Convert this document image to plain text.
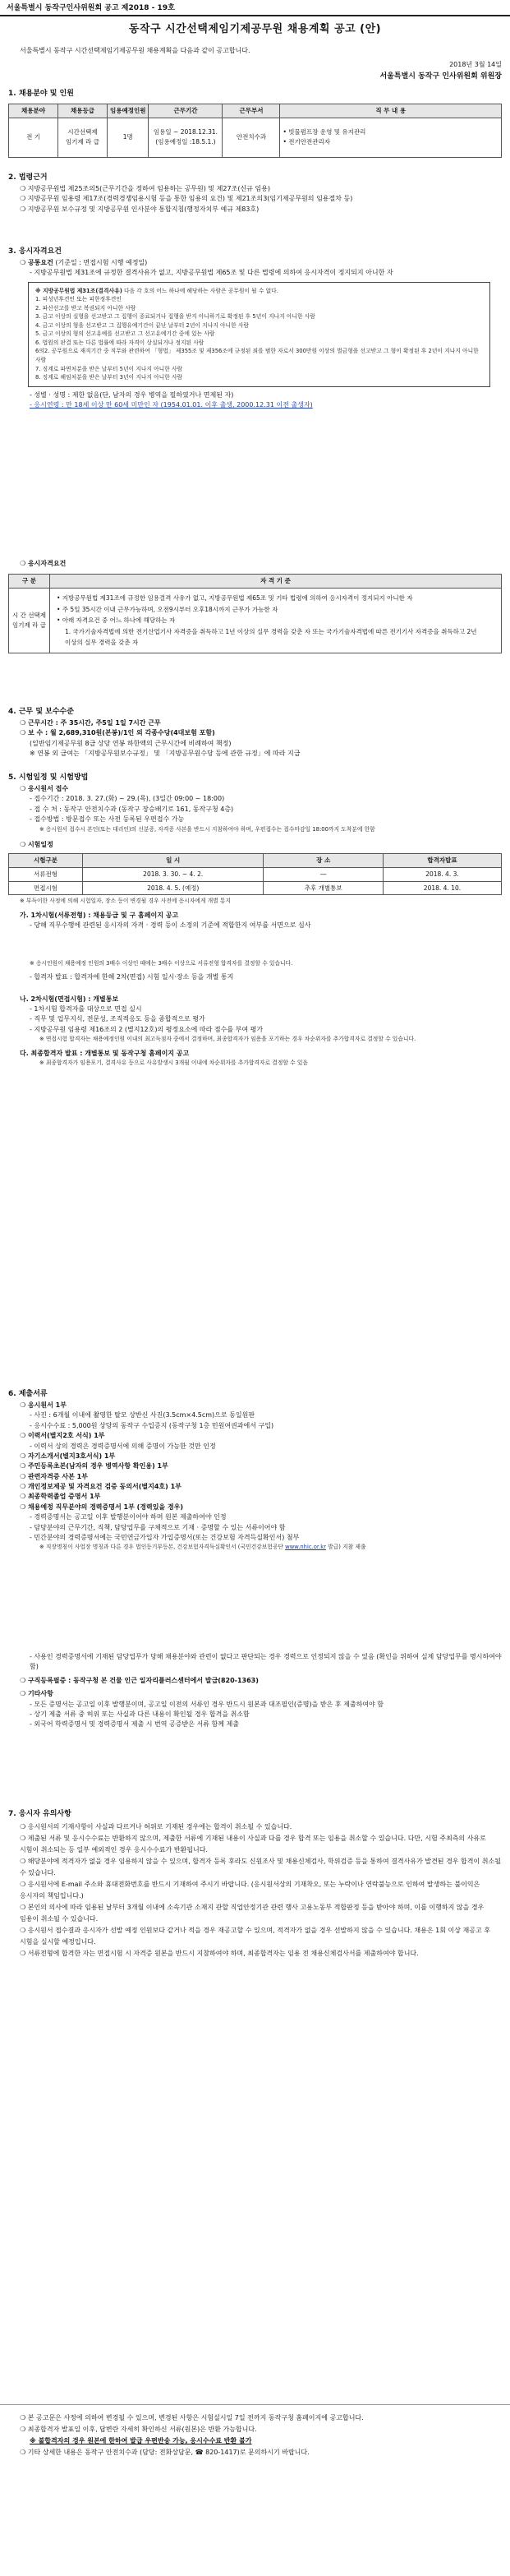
서울특별시 동작구인사위원회 공고 제2018 - 19호
동작구 시간선택제임기제공무원 채용계획 공고 (안)

서울특별시 동작구 시간선택제임기제공무원 채용계획을 다음과 같이 공고합니다.

2018년 3월 14일

서울특별시 동작구 인사위원회 위원장

1. 채용분야 및 인원
채용분야	채용등급	임용예정인원	근무기간	근무부서	직 무 내 용
전 기	시간선택제 임기제 라 급	1명	임용일 ~ 2018.12.31. (임용예정일 :18.5.1.)	안전치수과	• 빗물펌프장 운영 및 유지관리
• 전기안전관리자
2. 법령근거

❍ 지방공무원법 제25조의5(근무기간을 정하여 임용하는 공무원) 및 제27조(신규 임용)

❍ 지방공무원 임용령 제17조(경력경쟁임용시험 등을 통한 임용의 요건) 및 제21조의3(임기제공무원의 임용절차 등)

❍ 지방공무원 보수규정 및 지방공무원 인사분야 통합지침(행정자치부 예규 제83호)

3. 응시자격요건

❍ 공통요건 (기준일 : 면접시험 시행 예정일)

- 지방공무원법 제31조에 규정한 결격사유가 없고, 지방공무원법 제65조 및 다른 법령에 의하여 응시자격이 정지되지 아니한 자

※ 지방공무원법 제31조(결격사유) 다음 각 호의 어느 하나에 해당하는 사람은 공무원이 될 수 없다.

1. 피성년후견인 또는 피한정후견인

2. 파산선고를 받고 복권되지 아니한 사람

3. 금고 이상의 실형을 선고받고 그 집행이 종료되거나 집행을 받지 아니하기로 확정된 후 5년이 지나지 아니한 사람

4. 금고 이상의 형을 선고받고 그 집행유예기간이 끝난 날부터 2년이 지나지 아니한 사람

5. 금고 이상의 형의 선고유예를 선고받고 그 선고유예기간 중에 있는 사람

6. 법원의 판결 또는 다른 법률에 따라 자격이 상실되거나 정지된 사람

6의2. 공무원으로 재직기간 중 직무와 관련하여 「형법」 제355조 및 제356조에 규정된 죄를 범한 자로서 300만원 이상의 벌금형을 선고받고 그 형이 확정된 후 2년이 지나지 아니한 사람

7. 징계로 파면처분을 받은 날부터 5년이 지나지 아니한 사람

8. 징계로 해임처분을 받은 날부터 3년이 지나지 아니한 사람

- 성별 · 성명 : 제한 없음(단, 남자의 경우 병역을 필하였거나 면제된 자)

- 응시연령 : 만 18세 이상 만 60세 미만인 자 (1954.01.01. 이후 출생, 2000.12.31 이전 출생자)

❍ 응시자격요건
구 분	자 격 기 준
시 간 선택제 임기제 라 급	• 지방공무원법 제31조에 규정한 임용결격 사유가 없고, 지방공무원법 제65조 및 기타 법령에 의하여 응시자격이 정지되지 아니한 자

• 주 5일 35시간 이내 근무가능하며, 오전9시부터 오후18시까지 근무가 가능한 자

• 아래 자격요건 중 어느 하나에 해당하는 자

1. 국가기술자격법에 의한 전기산업기사 자격증을 취득하고 1년 이상의 실무 경력을 갖춘 자 또는 국가기술자격법에 따른 전기기사 자격증을 취득하고 2년 이상의 실무 경력을 갖춘 자

4. 근무 및 보수수준

❍ 근무시간 : 주 35시간, 주5일 1일 7시간 근무

❍ 보 수 : 월 2,689,310원(본봉)/1인 외 각종수당(4대보험 포함)

(일반임기제공무원 8급 상당 연봉 하한액의 근무시간에 비례하여 책정)

※ 연봉 외 급여는 「지방공무원보수규정」 및 「지방공무원수당 등에 관한 규정」에 따라 지급

5. 시험일정 및 시험방법

❍ 응시원서 접수

- 접수기간 : 2018. 3. 27.(화) ~ 29.(목), (3일간 09:00 ~ 18:00)

- 접 수 처 : 동작구 안전치수과 (동작구 장승배기로 161, 동작구청 4층)

- 접수방법 : 방문접수 또는 사전 등록된 우편접수 가능

※ 응시원서 접수시 본인(또는 대리인)의 신분증, 자격증 사본을 반드시 지참하여야 하며, 우편접수는 접수마감일 18:00까지 도착분에 한함

❍ 시험일정

시험구분	일 시	장 소	합격자발표
서류전형	2018. 3. 30. ~ 4. 2.	―	2018. 4. 3.
면접시험	2018. 4. 5. (예정)	추후 개별통보	2018. 4. 10.

※ 부득이한 사정에 의해 시험일자, 장소 등이 변경될 경우 사전에 응시자에게 개별 통지

가. 1차시험(서류전형) : 채용등급 및 구 홈페이지 공고

- 당해 직무수행에 관련된 응시자의 자격 · 경력 등이 소정의 기준에 적합한지 여부를 서면으로 심사

※ 응시인원이 채용예정 인원의 3배수 이상인 때에는 3배수 이상으로 서류전형 합격자를 결정할 수 있습니다.

- 합격자 발표 : 합격자에 한해 2차(면접) 시험 일시·장소 등을 개별 통지

나. 2차시험(면접시험) : 개별통보

- 1차시험 합격자를 대상으로 면접 실시

- 직무 및 업무지식, 전문성, 조직적응도 등을 종합적으로 평가

- 지방공무원 임용령 제16조의 2 (별지12호)의 평정요소에 따라 점수를 부여 평가

※ 면접시험 합격자는 채용예정인원 이내의 최고득점자 중에서 결정하며, 최종합격자가 임용을 포기하는 경우 차순위자를 추가합격자로 결정할 수 있습니다.

다. 최종합격자 발표 : 개별통보 및 동작구청 홈페이지 공고

※ 최종합격자가 임용포기, 결격사유 등으로 사유발생시 3개월 이내에 차순위자를 추가합격자로 결정할 수 있음

6. 제출서류

❍ 응시원서 1부

- 사진 : 6개월 이내에 촬영한 탈모 상반신 사진(3.5cm×4.5cm)으로 동일원판

- 응시수수료 : 5,000원 상당의 동작구 수입증지 (동작구청 1층 민원여권과에서 구입)

❍ 이력서(별지2호 서식) 1부

- 이력서 상의 경력은 경력증명서에 의해 증명이 가능한 것만 인정

❍ 자기소개서(별지3호서식) 1부

❍ 주민등록초본(남자의 경우 병역사항 확인용) 1부

❍ 관련자격증 사본 1부

❍ 개인정보제공 및 자격요건 검증 동의서(별지4호) 1부

❍ 최종학력졸업 증명서 1부

❍ 채용예정 직무분야의 경력증명서 1부 (경력있을 경우)

- 경력증명서는 공고일 이후 발행분이어야 하며 원본 제출하여야 인정

- 담당분야의 근무기간, 직책, 담당업무를 구체적으로 기재 · 증명할 수 있는 서류이어야 함

- 민간분야의 경력증명서에는 국민연금가입자 가입증명서(또는 건강보험 자격득실확인서) 첨부

※ 직장명칭이 사업장 명칭과 다른 경우 법인등기부등본, 건강보험자격득실확인서 (국민건강보험공단 www.nhic.or.kr 발급) 지참 제출

- 사용인 경력증명서에 기재된 담당업무가 당해 채용분야와 관련이 없다고 판단되는 경우 경력으로 인정되지 않을 수 있음 (확인을 위하여 실제 담당업무를 명시하여야 함)

❍ 구직등록필증 : 동작구청 본 건물 인근 일자리플러스센터에서 발급(820-1363)

❍ 기타사항

- 모든 증명서는 공고일 이후 발행분이며, 공고일 이전의 서류인 경우 반드시 원본과 대조필인(증명)을 받은 후 제출하여야 함

- 상기 제출 서류 중 허위 또는 사실과 다른 내용이 확인될 경우 합격을 취소함

- 외국어 학력증명서 및 경력증명서 제출 시 번역 공증받은 서류 함께 제출

7. 응시자 유의사항

❍ 응시원서의 기재사항이 사실과 다르거나 허위로 기재된 경우에는 합격이 취소될 수 있습니다.

❍ 제출된 서류 및 응시수수료는 반환하지 않으며, 제출한 서류에 기재된 내용이 사실과 다를 경우 합격 또는 임용을 취소할 수 있습니다. 다만, 시험 주최측의 사유로 시험이 취소되는 등 일부 예외적인 경우 응시수수료가 반환됩니다.

❍ 해당분야에 적격자가 없을 경우 임용하지 않을 수 있으며, 합격자 등록 후라도 신원조사 및 채용신체검사, 학위검증 등을 통하여 결격사유가 발견된 경우 합격이 취소될 수 있습니다.

❍ 응시원서에 E-mail 주소와 휴대전화번호를 반드시 기재하여 주시기 바랍니다. (응시원서상의 기재착오, 또는 누락이나 연락불능으로 인하여 발생하는 불이익은 응시자의 책임입니다.)

❍ 본인의 의사에 따라 임용된 날부터 3개월 이내에 소속기관 소재지 관할 직업안정기관 관련 행사 고용노동부 적합판정 등을 받아야 하며, 이를 이행하지 않을 경우 임용이 취소될 수 있습니다.

❍ 응시원서 접수결과 응시자가 선발 예정 인원보다 같거나 적을 경우 재공고할 수 있으며, 적격자가 없을 경우 선발하지 않을 수 있습니다. 채용은 1회 이상 재공고 후 시험을 실시할 예정입니다.

❍ 서류전형에 합격한 자는 면접시험 시 자격증 원본을 반드시 지참하여야 하며, 최종합격자는 임용 전 채용신체검사서를 제출하여야 합니다.

❍ 본 공고문은 사정에 의하여 변경될 수 있으며, 변경된 사항은 시험실시일 7일 전까지 동작구청 홈페이지에 공고합니다.

❍ 최종합격자 발표일 이후, 답변란 자세히 확인하신 서류(원본)은 반환 가능합니다.

※ 불합격자의 경우 원본에 한하여 발급 우편반송 가능, 응시수수료 반환 불가

❍ 기타 상세한 내용은 동작구 안전치수과 (담당: 전화상담문, ☎ 820-1417)로 문의하시기 바랍니다.
